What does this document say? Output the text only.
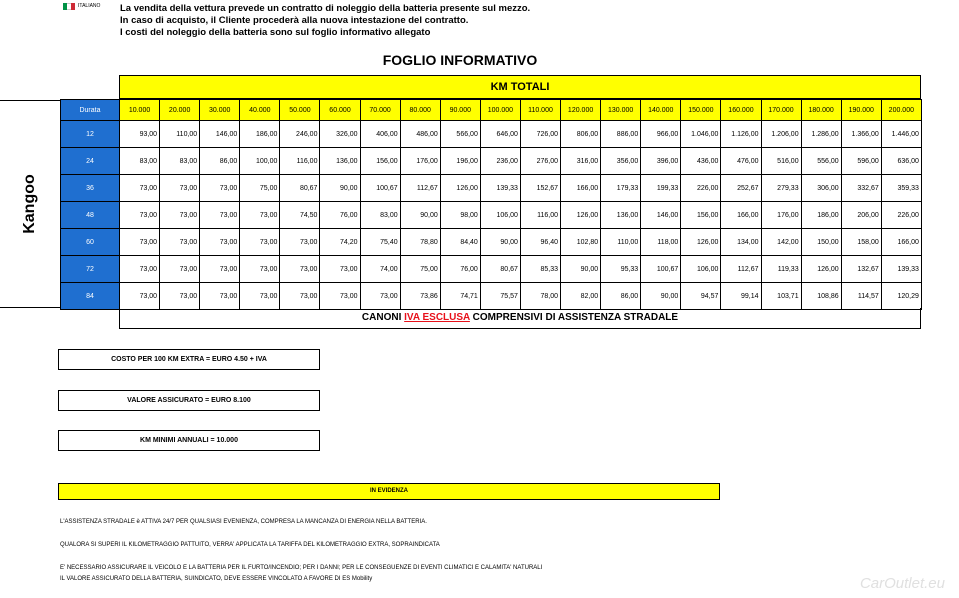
ITALIANO La vendita della vettura prevede un contratto di noleggio della batteria presente sul mezzo.
In caso di acquisto, il Cliente procederà alla nuova intestazione del contratto.
I costi del noleggio della batteria sono sul foglio informativo allegato
FOGLIO INFORMATIVO
Kangoo
KM TOTALI
Durata	10.000	20.000	30.000	40.000	50.000	60.000	70.000	80.000	90.000	100.000	110.000	120.000	130.000	140.000	150.000	160.000	170.000	180.000	190.000	200.000
12	93,00	110,00	146,00	186,00	246,00	326,00	406,00	486,00	566,00	646,00	726,00	806,00	886,00	966,00	1.046,00	1.126,00	1.206,00	1.286,00	1.366,00	1.446,00
24	83,00	83,00	86,00	100,00	116,00	136,00	156,00	176,00	196,00	236,00	276,00	316,00	356,00	396,00	436,00	476,00	516,00	556,00	596,00	636,00
36	73,00	73,00	73,00	75,00	80,67	90,00	100,67	112,67	126,00	139,33	152,67	166,00	179,33	199,33	226,00	252,67	279,33	306,00	332,67	359,33
48	73,00	73,00	73,00	73,00	74,50	76,00	83,00	90,00	98,00	106,00	116,00	126,00	136,00	146,00	156,00	166,00	176,00	186,00	206,00	226,00
60	73,00	73,00	73,00	73,00	73,00	74,20	75,40	78,80	84,40	90,00	96,40	102,80	110,00	118,00	126,00	134,00	142,00	150,00	158,00	166,00
72	73,00	73,00	73,00	73,00	73,00	73,00	74,00	75,00	76,00	80,67	85,33	90,00	95,33	100,67	106,00	112,67	119,33	126,00	132,67	139,33
84	73,00	73,00	73,00	73,00	73,00	73,00	73,00	73,86	74,71	75,57	78,00	82,00	86,00	90,00	94,57	99,14	103,71	108,86	114,57	120,29
CANONI IVA ESCLUSA COMPRENSIVI DI ASSISTENZA STRADALE
COSTO PER 100 KM EXTRA = EURO 4.50 + IVA
VALORE ASSICURATO = EURO 8.100
KM MINIMI ANNUALI = 10.000
IN EVIDENZA
L'ASSISTENZA STRADALE è ATTIVA 24/7 PER QUALSIASI EVENIENZA, COMPRESA LA MANCANZA DI ENERGIA NELLA BATTERIA.
QUALORA SI SUPERI IL KILOMETRAGGIO PATTUITO, VERRA' APPLICATA LA TARIFFA DEL KILOMETRAGGIO EXTRA, SOPRAINDICATA
E' NECESSARIO ASSICURARE IL VEICOLO E LA BATTERIA PER IL FURTO/INCENDIO; PER I DANNI; PER LE CONSEGUENZE DI EVENTI CLIMATICI E CALAMITA' NATURALI
IL VALORE ASSICURATO DELLA BATTERIA, SUINDICATO, DEVE ESSERE VINCOLATO A FAVORE DI ES Mobility	CarOutlet.eu
